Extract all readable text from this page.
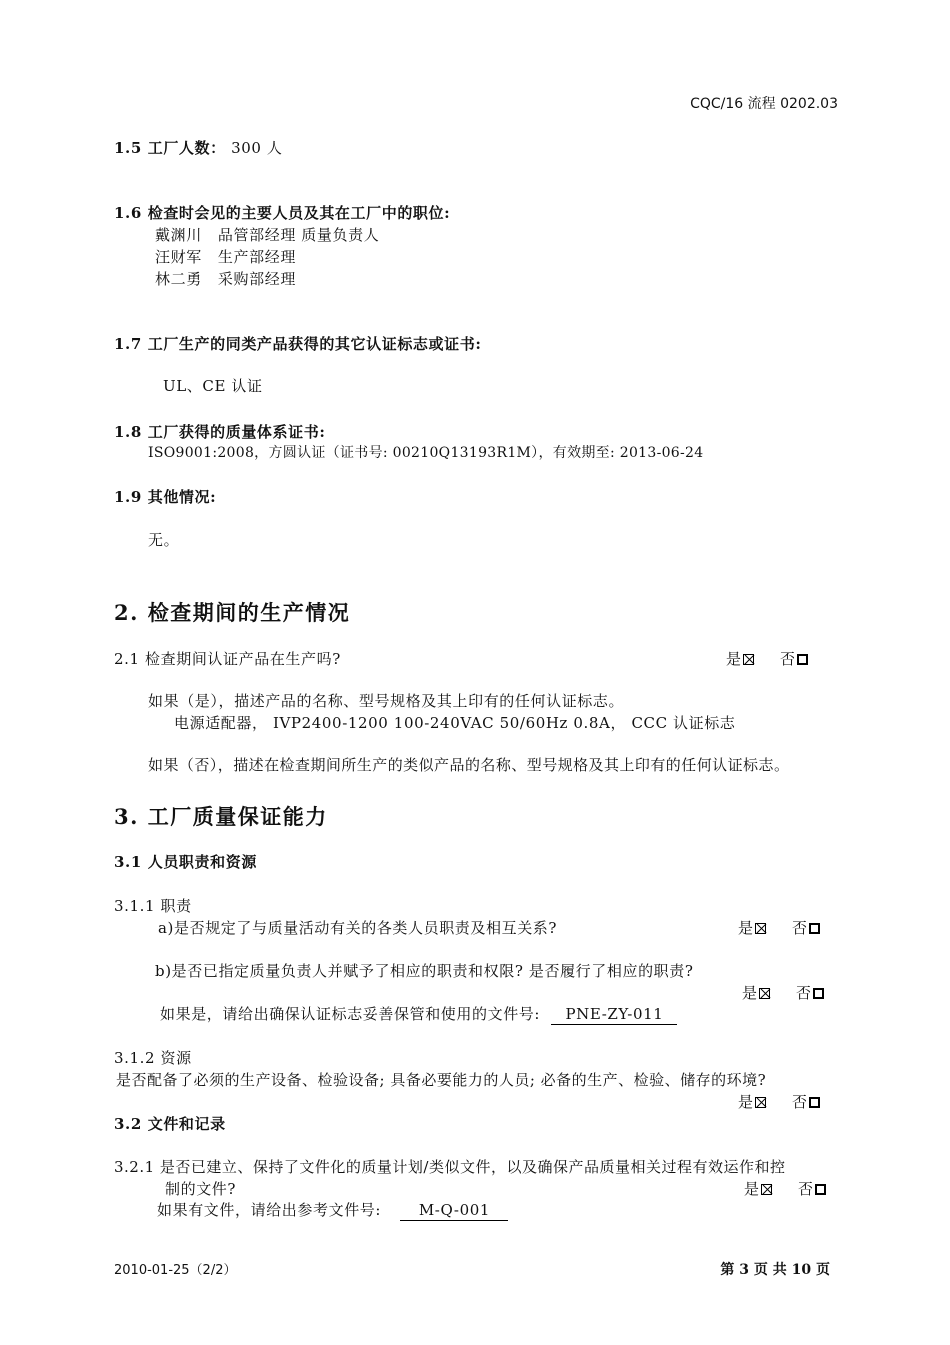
CQC/16 流程 0202.03
1.5 工厂人数： 300 人
1.6 检查时会见的主要人员及其在工厂中的职位:
戴渊川 品管部经理 质量负责人
汪财军 生产部经理
林二勇 采购部经理
1.7 工厂生产的同类产品获得的其它认证标志或证书:
UL、CE 认证
1.8 工厂获得的质量体系证书:
ISO9001:2008，方圆认证（证书号: 00210Q13193R1M），有效期至: 2013-06-24
1.9 其他情况:
无。
2. 检查期间的生产情况
2.1 检查期间认证产品在生产吗?	是	否
如果（是），描述产品的名称、型号规格及其上印有的任何认证标志。
电源适配器， IVP2400-1200 100-240VAC 50/60Hz 0.8A， CCC 认证标志
如果（否），描述在检查期间所生产的类似产品的名称、型号规格及其上印有的任何认证标志。
3. 工厂质量保证能力
3.1 人员职责和资源
3.1.1 职责
a)是否规定了与质量活动有关的各类人员职责及相互关系?	是	否
b)是否已指定质量负责人并赋予了相应的职责和权限? 是否履行了相应的职责?
是	否
如果是，请给出确保认证标志妥善保管和使用的文件号: PNE-ZY-011
3.1.2 资源
是否配备了必须的生产设备、检验设备; 具备必要能力的人员; 必备的生产、检验、储存的环境?
是	否
3.2 文件和记录
3.2.1 是否已建立、保持了文件化的质量计划/类似文件，以及确保产品质量相关过程有效运作和控
制的文件?	是	否
如果有文件，请给出参考文件号:	M-Q-001
2010-01-25（2/2）	第 3 页 共 10 页
